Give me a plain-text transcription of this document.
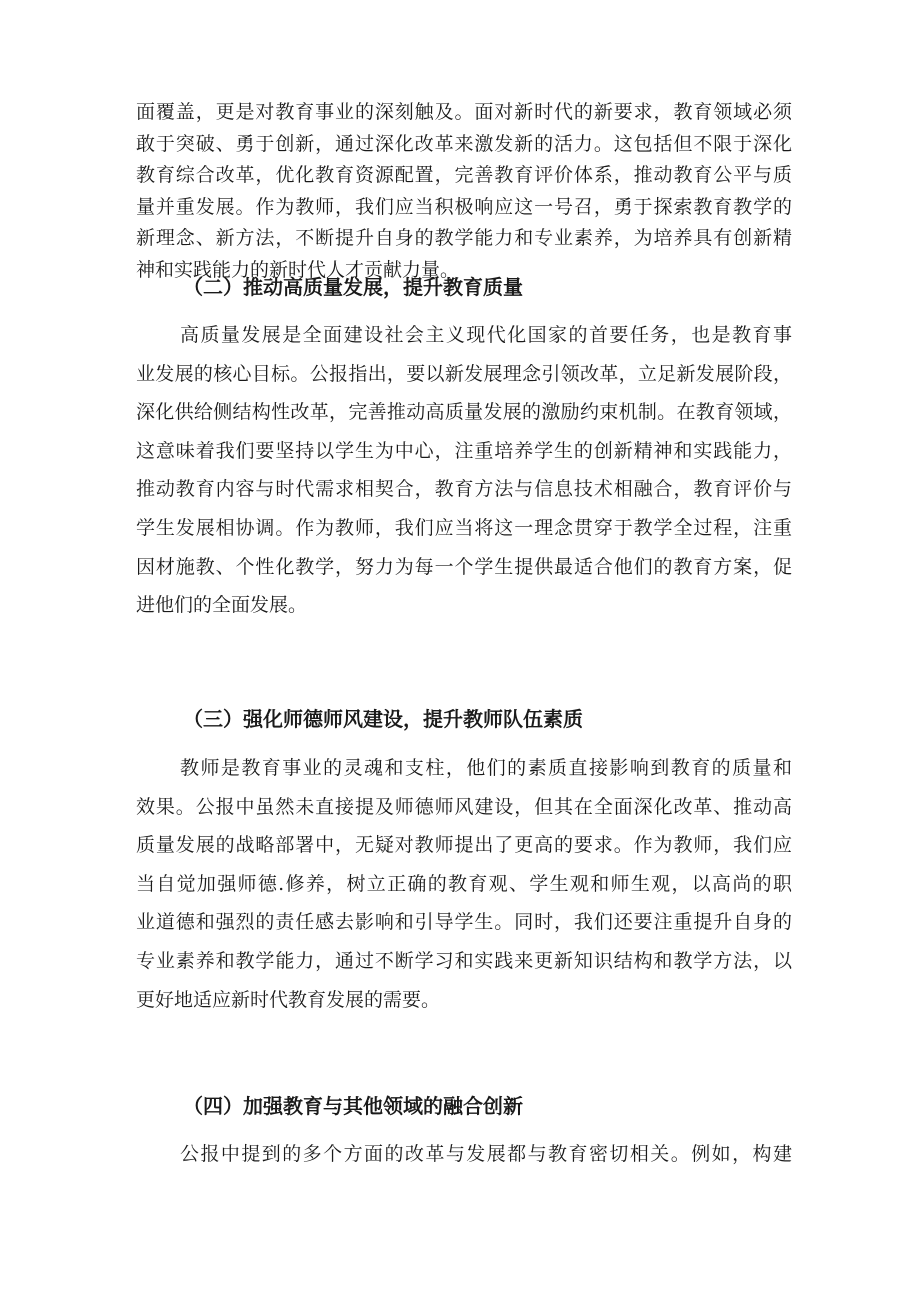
面覆盖，更是对教育事业的深刻触及。面对新时代的新要求，教育领域必须
敢于突破、勇于创新，通过深化改革来激发新的活力。这包括但不限于深化
教育综合改革，优化教育资源配置，完善教育评价体系，推动教育公平与质
量并重发展。作为教师，我们应当积极响应这一号召，勇于探索教育教学的
新理念、新方法，不断提升自身的教学能力和专业素养，为培养具有创新精
神和实践能力的新时代人才贡献力量。
（二）推动高质量发展，提升教育质量
高质量发展是全面建设社会主义现代化国家的首要任务，也是教育事
业发展的核心目标。公报指出，要以新发展理念引领改革，立足新发展阶段，
深化供给侧结构性改革，完善推动高质量发展的激励约束机制。在教育领域，
这意味着我们要坚持以学生为中心，注重培养学生的创新精神和实践能力，
推动教育内容与时代需求相契合，教育方法与信息技术相融合，教育评价与
学生发展相协调。作为教师，我们应当将这一理念贯穿于教学全过程，注重
因材施教、个性化教学，努力为每一个学生提供最适合他们的教育方案，促
进他们的全面发展。
（三）强化师德师风建设，提升教师队伍素质
教师是教育事业的灵魂和支柱，他们的素质直接影响到教育的质量和
效果。公报中虽然未直接提及师德师风建设，但其在全面深化改革、推动高
质量发展的战略部署中，无疑对教师提出了更高的要求。作为教师，我们应
当自觉加强师德.修养，树立正确的教育观、学生观和师生观，以高尚的职
业道德和强烈的责任感去影响和引导学生。同时，我们还要注重提升自身的
专业素养和教学能力，通过不断学习和实践来更新知识结构和教学方法，以
更好地适应新时代教育发展的需要。
（四）加强教育与其他领域的融合创新
公报中提到的多个方面的改革与发展都与教育密切相关。例如，构建
